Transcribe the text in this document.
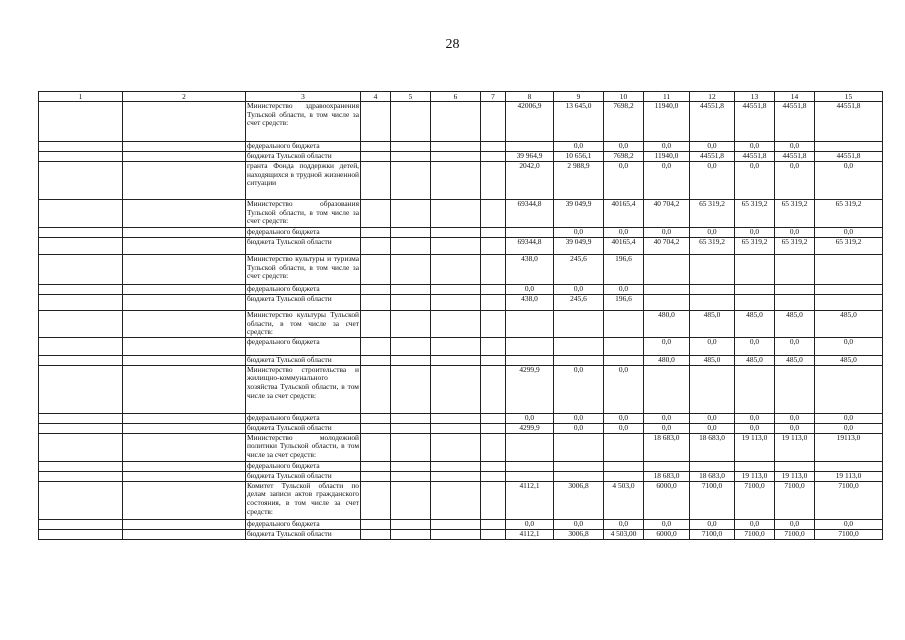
28
1	2	3	4	5	6	7	8	9	10	11	12	13	14	15
		Министерство здравоохранения Тульской области, в том числе за счет средств:					42006,9	13 645,0	7698,2	11940,0	44551,8	44551,8	44551,8	44551,8
		федерального бюджета						0,0	0,0	0,0	0,0	0,0	0,0	
		бюджета Тульской области					39 964,9	10 656,1	7698,2	11940,0	44551,8	44551,8	44551,8	44551,8
		гранта Фонда поддержки детей, находящихся в трудной жизненной ситуации					2042,0	2 988,9	0,0	0,0	0,0	0,0	0,0	0,0
		Министерство образования Тульской области, в том числе за счет средств:					69344,8	39 049,9	40165,4	40 704,2	65 319,2	65 319,2	65 319,2	65 319,2
		федерального бюджета						0,0	0,0	0,0	0,0	0,0	0,0	0,0
		бюджета Тульской области					69344,8	39 049,9	40165,4	40 704,2	65 319,2	65 319,2	65 319,2	65 319,2
		Министерство культуры и туризма Тульской области, в том числе за счет средств:					438,0	245,6	196,6					
		федерального бюджета					0,0	0,0	0,0					
		бюджета Тульской области					438,0	245,6	196,6					
		Министерство культуры Тульской области, в том числе за счет средств:								480,0	485,0	485,0	485,0	485,0
		федерального бюджета								0,0	0,0	0,0	0,0	0,0
		бюджета Тульской области								480,0	485,0	485,0	485,0	485,0
		Министерство строительства и жилищно-коммунального хозяйства Тульской области, в том числе за счет средств:					4299,9	0,0	0,0					
		федерального бюджета					0,0	0,0	0,0	0,0	0,0	0,0	0,0	0,0
		бюджета Тульской области					4299,9	0,0	0,0	0,0	0,0	0,0	0,0	0,0
		Министерство молодежной политики Тульской области, в том числе за счет средств:								18 683,0	18 683,0	19 113,0	19 113,0	19113,0
		федерального бюджета												
		бюджета Тульской области								18 683,0	18 683,0	19 113,0	19 113,0	19 113,0
		Комитет Тульской области по делам записи актов гражданского состояния, в том числе за счет средств:					4112,1	3006,8	4 503,0	6000,0	7100,0	7100,0	7100,0	7100,0
		федерального бюджета					0,0	0,0	0,0	0,0	0,0	0,0	0,0	0,0
		бюджета Тульской области					4112,1	3006,8	4 503,00	6000,0	7100,0	7100,0	7100,0	7100,0
